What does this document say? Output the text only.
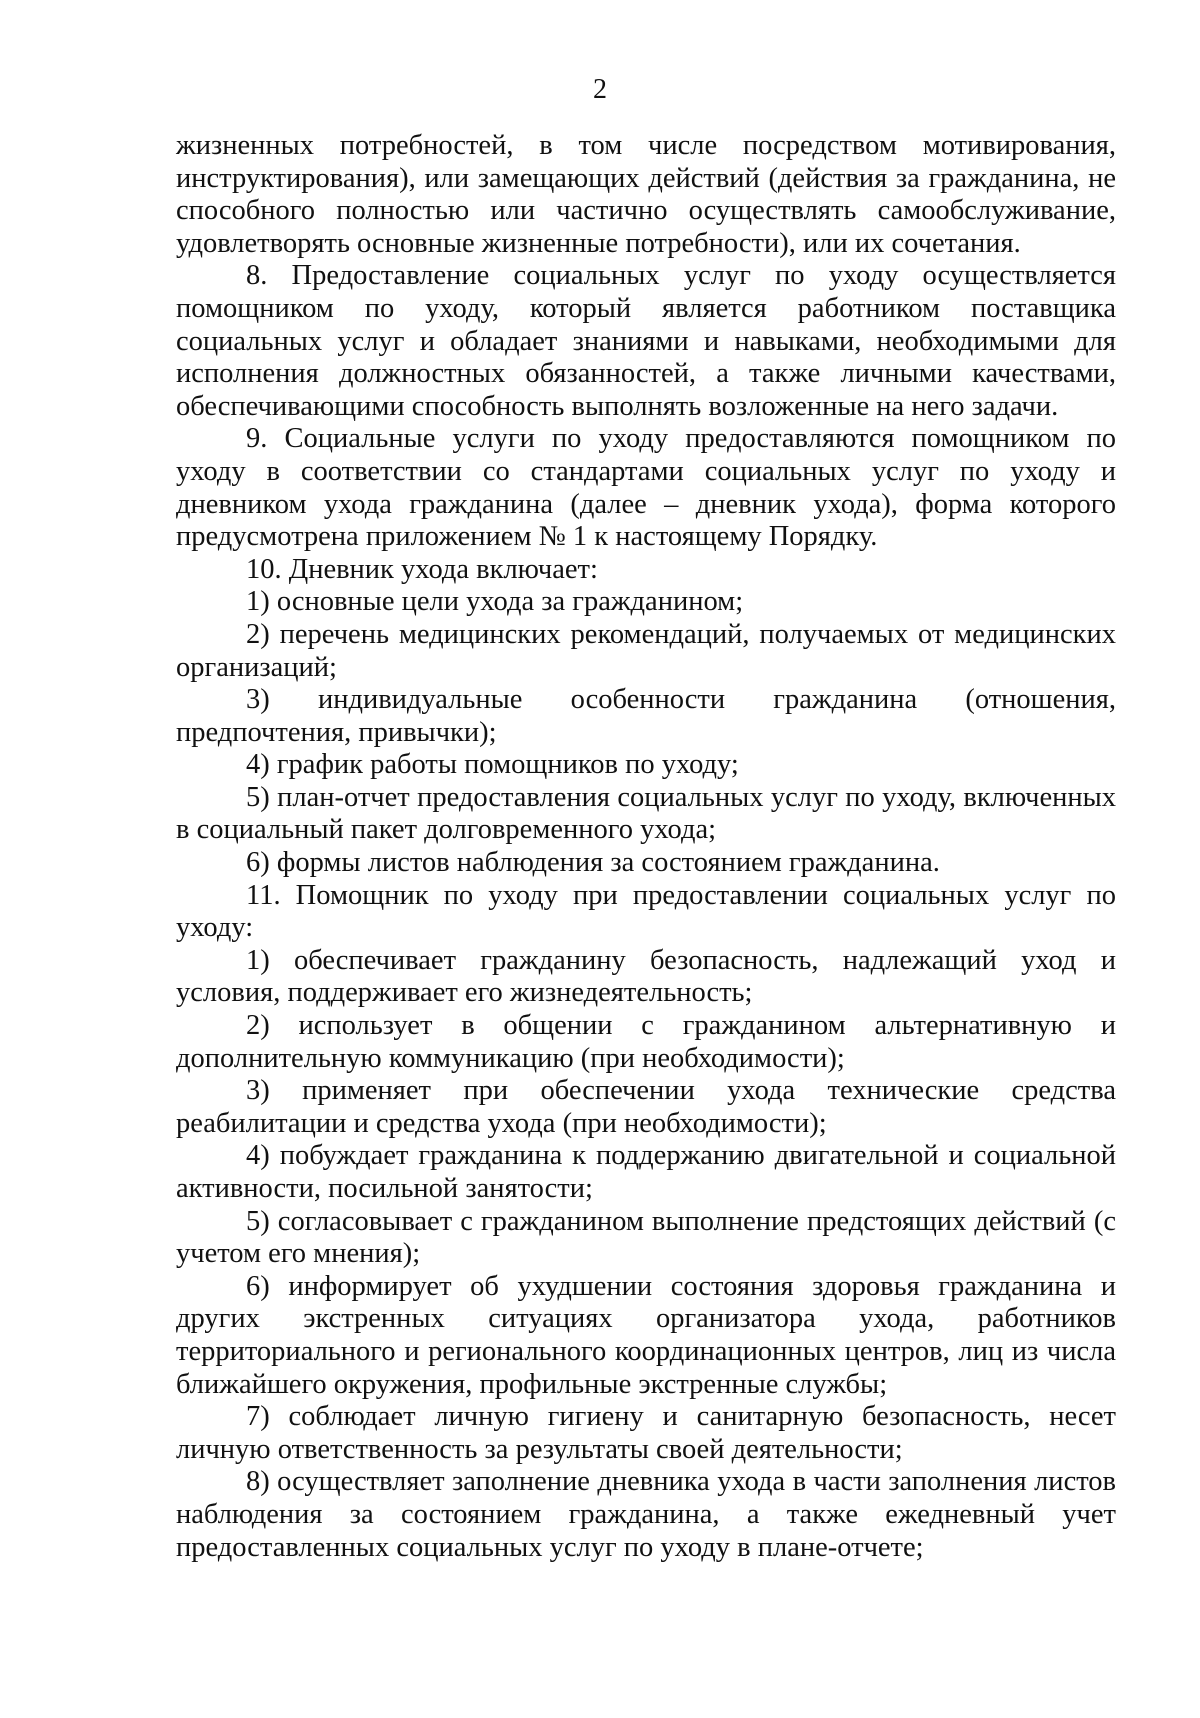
2

жизненных потребностей, в том числе посредством мотивирования, инструктирования), или замещающих действий (действия за гражданина, не способного полностью или частично осуществлять самообслуживание, удовлетворять основные жизненные потребности), или их сочетания.

8. Предоставление социальных услуг по уходу осуществляется помощником по уходу, который является работником поставщика социальных услуг и обладает знаниями и навыками, необходимыми для исполнения должностных обязанностей, а также личными качествами, обеспечивающими способность выполнять возложенные на него задачи.

9. Социальные услуги по уходу предоставляются помощником по уходу в соответствии со стандартами социальных услуг по уходу и дневником ухода гражданина (далее – дневник ухода), форма которого предусмотрена приложением № 1 к настоящему Порядку.

10. Дневник ухода включает:

1) основные цели ухода за гражданином;

2) перечень медицинских рекомендаций, получаемых от медицинских организаций;

3) индивидуальные особенности гражданина (отношения, предпочтения, привычки);

4) график работы помощников по уходу;

5) план-отчет предоставления социальных услуг по уходу, включенных в социальный пакет долговременного ухода;

6) формы листов наблюдения за состоянием гражданина.

11. Помощник по уходу при предоставлении социальных услуг по уходу:

1) обеспечивает гражданину безопасность, надлежащий уход и условия, поддерживает его жизнедеятельность;

2) использует в общении с гражданином альтернативную и дополнительную коммуникацию (при необходимости);

3) применяет при обеспечении ухода технические средства реабилитации и средства ухода (при необходимости);

4) побуждает гражданина к поддержанию двигательной и социальной активности, посильной занятости;

5) согласовывает с гражданином выполнение предстоящих действий (с учетом его мнения);

6) информирует об ухудшении состояния здоровья гражданина и других экстренных ситуациях организатора ухода, работников территориального и регионального координационных центров, лиц из числа ближайшего окружения, профильные экстренные службы;

7) соблюдает личную гигиену и санитарную безопасность, несет личную ответственность за результаты своей деятельности;

8) осуществляет заполнение дневника ухода в части заполнения листов наблюдения за состоянием гражданина, а также ежедневный учет предоставленных социальных услуг по уходу в плане-отчете;
